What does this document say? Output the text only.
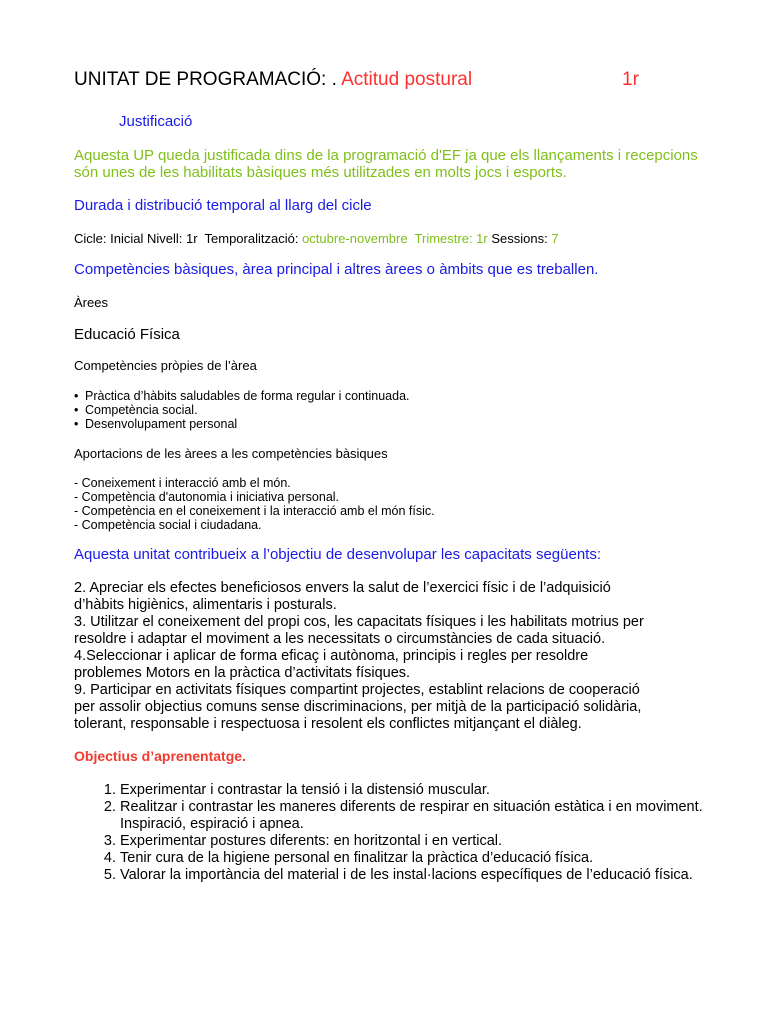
UNITAT DE PROGRAMACIÓ: . Actitud postural	1r
Justificació
Aquesta UP queda justificada dins de la programació d'EF ja que els llançaments i recepcions són unes de les habilitats bàsiques més utilitzades en molts jocs i esports.
Durada i distribució temporal al llarg del cicle
Cicle: Inicial Nivell: 1r  Temporalització: octubre-novembre  Trimestre: 1r Sessions: 7
Competències bàsiques, àrea principal i altres àrees o àmbits que es treballen.
Àrees
Educació Física
Competències pròpies de l’àrea
• Pràctica d’hàbits saludables de forma regular i continuada.
• Competència social.
• Desenvolupament personal
Aportacions de les àrees a les competències bàsiques
- Coneixement i interacció amb el món.
- Competència d'autonomia i iniciativa personal.
- Competència en el coneixement i la interacció amb el món físic.
- Competència social i ciudadana.
Aquesta unitat contribueix a l’objectiu de desenvolupar les capacitats següents:
2. Apreciar els efectes beneficiosos envers la salut de l’exercici físic i de l’adquisició
d’hàbits higiènics, alimentaris i posturals.
3. Utilitzar el coneixement del propi cos, les capacitats físiques i les habilitats motrius per
resoldre i adaptar el moviment a les necessitats o circumstàncies de cada situació.
4.Seleccionar i aplicar de forma eficaç i autònoma, principis i regles per resoldre
problemes Motors en la pràctica d’activitats físiques.
9. Participar en activitats físiques compartint projectes, establint relacions de cooperació
per assolir objectius comuns sense discriminacions, per mitjà de la participació solidària,
tolerant, responsable i respectuosa i resolent els conflictes mitjançant el diàleg.
Objectius d’aprenentatge.
1. Experimentar i contrastar la tensió i la distensió muscular.
2. Realitzar i contrastar les maneres diferents de respirar en situación estàtica i en moviment. Inspiració, espiració i apnea.
3. Experimentar postures diferents: en horitzontal i en vertical.
4. Tenir cura de la higiene personal en finalitzar la pràctica d’educació física.
5. Valorar la importància del material i de les instal·lacions específiques de l’educació física.
